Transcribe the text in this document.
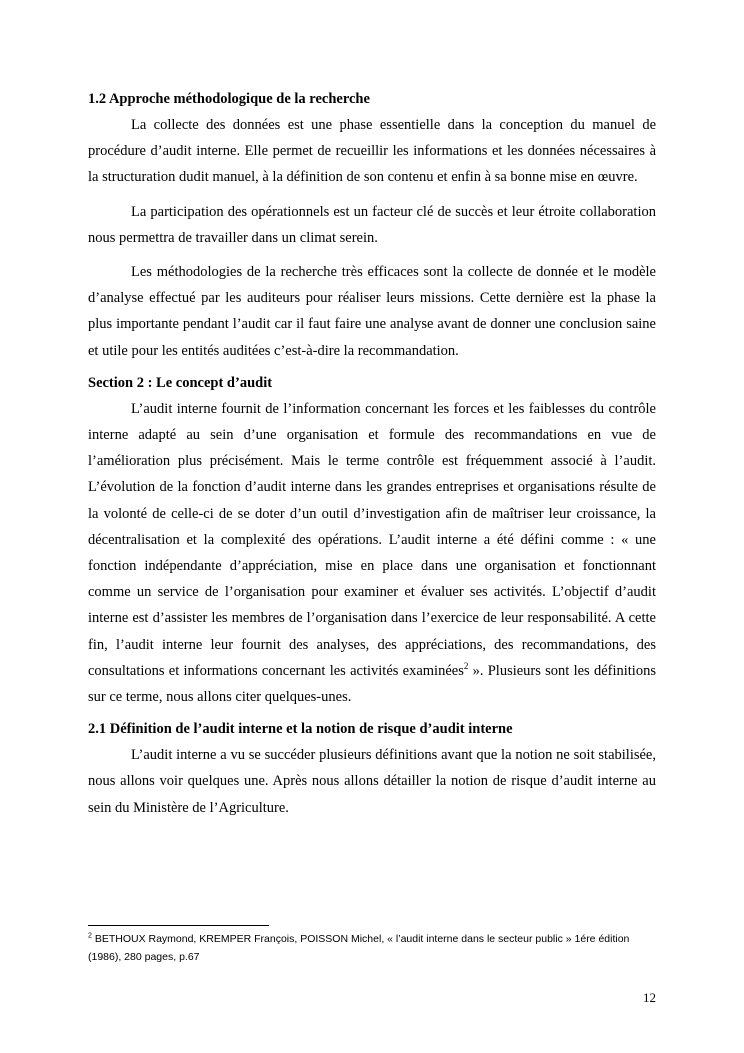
1.2 Approche méthodologique de la recherche

La collecte des données est une phase essentielle dans la conception du manuel de procédure d’audit interne. Elle permet de recueillir les informations et les données nécessaires à la structuration dudit manuel, à la définition de son contenu et enfin à sa bonne mise en œuvre.

La participation des opérationnels est un facteur clé de succès et leur étroite collaboration nous permettra de travailler dans un climat serein.

Les méthodologies de la recherche très efficaces sont la collecte de donnée et le modèle d’analyse effectué par les auditeurs pour réaliser leurs missions. Cette dernière est la phase la plus importante pendant l’audit car il faut faire une analyse avant de donner une conclusion saine et utile pour les entités auditées c’est-à-dire la recommandation.

Section 2 : Le concept d’audit

L’audit interne fournit de l’information concernant les forces et les faiblesses du contrôle interne adapté au sein d’une organisation et formule des recommandations en vue de l’amélioration plus précisément. Mais le terme contrôle est fréquemment associé à l’audit. L’évolution de la fonction d’audit interne dans les grandes entreprises et organisations résulte de la volonté de celle-ci de se doter d’un outil d’investigation afin de maîtriser leur croissance, la décentralisation et la complexité des opérations. L’audit interne a été défini comme : « une fonction indépendante d’appréciation, mise en place dans une organisation et fonctionnant comme un service de l’organisation pour examiner et évaluer ses activités. L’objectif d’audit interne est d’assister les membres de l’organisation dans l’exercice de leur responsabilité. A cette fin, l’audit interne leur fournit des analyses, des appréciations, des recommandations, des consultations et informations concernant les activités examinées$^2$ ». Plusieurs sont les définitions sur ce terme, nous allons citer quelques-unes.

2.1 Définition de l’audit interne et la notion de risque d’audit interne

L’audit interne a vu se succéder plusieurs définitions avant que la notion ne soit stabilisée, nous allons voir quelques une. Après nous allons détailler la notion de risque d’audit interne au sein du Ministère de l’Agriculture.

$^2$ BETHOUX Raymond, KREMPER François, POISSON Michel, « l’audit interne dans le secteur public » 1ére édition (1986), 280 pages, p.67
12
